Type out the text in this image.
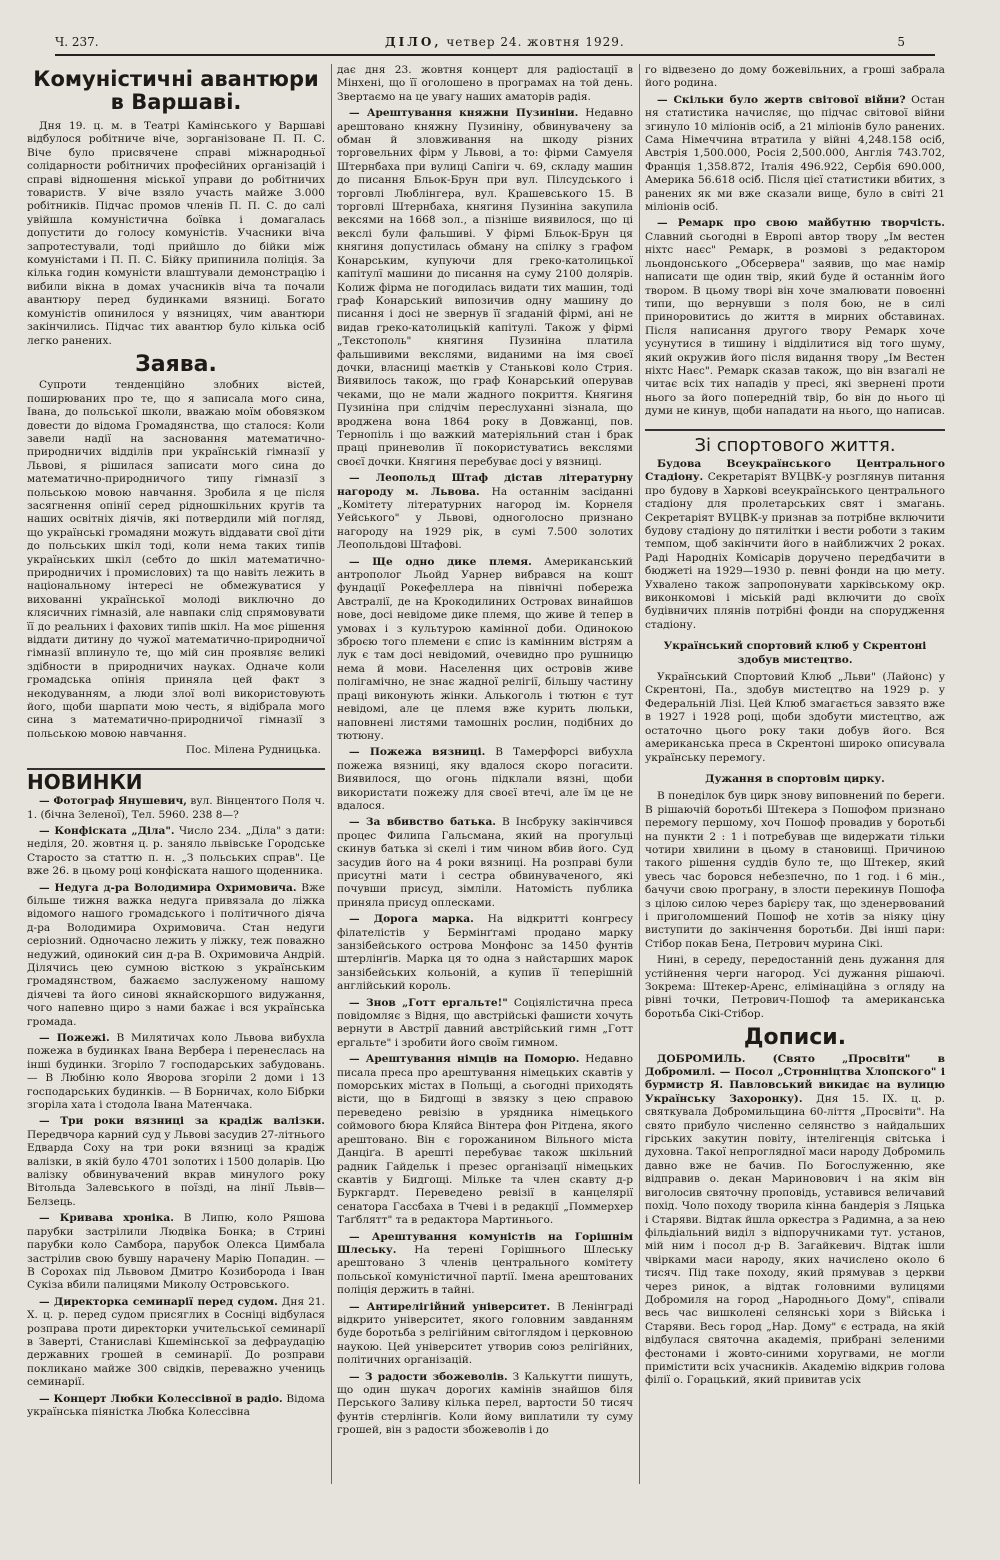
Ч. 237.	ДІЛО, четвер 24. жовтня 1929.	5
Комуністичні авантюри в Варшаві.

Дня 19. ц. м. в Театрі Камінського у Варшаві відбулося робітниче віче, зорганізоване П. П. С. Віче було присвячене справі міжнародньої солідарности робітничих професійних організацій і справі відношення міської управи до робітничих товариств. У віче взяло участь майже 3.000 робітників. Підчас промов членів П. П. С. до салі увійшла комуністична боївка і домагалась допустити до голосу комуністів. Учасники віча запротестували, тоді прийшло до бійки між комуністами і П. П. С. Бійку припинила поліція. За кілька годин комуністи влаштували демонстрацію і вибили вікна в домах учасників віча та почали авантюру перед будинками вязниці. Богато комуністів опинилося у вязницях, чим авантюри закінчились. Підчас тих авантюр було кілька осіб легко ранених.

Заява.

Супроти тенденційно злобних вістей, поширюваних про те, що я записала мого сина, Івана, до польської школи, вважаю моїм обовязком довести до відома Громадянства, що сталося: Коли завели надії на засновання математично-природничих відділів при українській гімназії у Львові, я рішилася записати мого сина до математично-природничого типу гімназії з польською мовою навчання. Зробила я це після засягнення опінії серед рідношкільних кругів та наших освітніх діячів, які потвердили мій погляд, що українські громадяни можуть віддавати свої діти до польських шкіл тоді, коли нема таких типів українських шкіл (себто до шкіл математично-природничих і промислових) та що навіть лежить в національному інтересі не обмежуватися у вихованні української молоді виключно до клясичних гімназій, але навпаки слід спрямовувати її до реальних і фахових типів шкіл. На моє рішення віддати дитину до чужої математично-природничої гімназії вплинуло те, що мій син проявляє великі здібности в природничих науках. Одначе коли громадська опінія приняла цей факт з некодуванням, а люди злої волі використовують його, щоби шарпати мою честь, я відібрала мого сина з математично-природничої гімназії з польською мовою навчання.

Пос. Мілена Рудницька.
НОВИНКИ

— Фотограф Янушевич, вул. Вінцентого Поля ч. 1. (бічна Зеленої), Тел. 5960. 238 8—?

— Конфіската „Діла". Число 234. „Діла" з дати: неділя, 20. жовтня ц. р. заняло львівське Городське Старосто за статтю п. н. „З польських справ". Це вже 26. в цьому році конфіската нашого щоденника.

— Недуга д-ра Володимира Охримовича. Вже більше тижня важка недуга привязала до ліжка відомого нашого громадського і політичного діяча д-ра Володимира Охримовича. Стан недуги серіозний. Одночасно лежить у ліжку, теж поважно недужий, одинокий син д-ра В. Охримовича Андрій. Ділячись цею сумною вісткою з українським громадянством, бажаємо заслуженому нашому діячеві та його синові якнайскоршого видужання, чого напевно щиро з нами бажає і вся українська громада.

— Пожежі. В Милятичах коло Львова вибухла пожежа в будинках Івана Вербера і перенеслась на інші будинки. Згоріло 7 господарських забудовань. — В Любіню коло Яворова згоріли 2 доми і 13 господарських будинків. — В Борничах, коло Бібрки згоріла хата і стодола Івана Матенчака.

— Три роки вязниці за крадіж валізки. Передвчора карний суд у Львові засудив 27-літнього Едварда Соху на три роки вязниці за крадіж валізки, в якій було 4701 золотих і 1500 доларів. Цю валізку обвинувачений вкрав минулого року Вітольда Залевського в поїзді, на лінії Львів—Белзець.

— Кривава хроніка. В Липю, коло Ряшова парубки застрілили Людвіка Бонка; в Стрині парубки коло Самбора, парубок Олекса Цимбала застрілив свою бувшу нарачену Марію Попадин. — В Сорохах під Львовом Дмитро Козиборода і Іван Сукіза вбили палицями Миколу Островського.

— Директорка семинарії перед судом. Дня 21. X. ц. р. перед судом присяглих в Сосніці відбулася розправа проти директорки учительської семинарії в Заверті, Станиславі Кшемінської за дефраудацію державних грошей в семинарії. До розправи покликано майже 300 свідків, переважно учениць семинарії.

— Концерт Любки Колессівної в радіо. Відома українська піяністка Любка Колессівна

дає дня 23. жовтня концерт для радіостації в Мінхені, що її оголошено в програмах на той день. Звертаємо на це увагу наших аматорів радія.

— Арештування княжни Пузиніни. Недавно арештовано княжну Пузиніну, обвинувачену за обман й зловживання на шкоду різних торговельних фірм у Львові, а то: фірми Самуеля Штернбаха при вулиці Сапіги ч. 69, складу машин до писання Бльок-Брун при вул. Пілсудського і торговлі Люблінгера, вул. Крашевського 15. В торговлі Штернбаха, княгиня Пузиніна закупила вексями на 1668 зол., а пізніше виявилося, що ці векслі були фальшиві. У фірмі Бльок-Брун ця княгиня допустилась обману на спілку з графом Конарським, купуючи для греко-католицької капітулї машини до писання на суму 2100 долярів. Колиж фірма не погодилась видати тих машин, тоді граф Конарський випозичив одну машину до писання і досі не звернув її згаданій фірмі, ані не видав греко-католицькій капітулі. Також у фірмі „Текстополь" княгиня Пузиніна платила фальшивими векслями, виданими на імя своєї дочки, власниці маєтків у Станькові коло Стрия. Виявилось також, що граф Конарський оперував чеками, що не мали жадного покриття. Княгиня Пузиніна при слідчім переслуханні зізнала, що вроджена вона 1864 року в Довжанці, пов. Тернопіль і що важкий матеріяльний стан і брак праці приневолив її покористуватись векслями своєї дочки. Княгиня перебуває досі у вязниці.

— Леопольд Штаф дістав літературну нагороду м. Львова. На останнім засіданні „Комітету літературних нагород ім. Корнеля Уейського" у Львові, одноголосно признано нагороду на 1929 рік, в сумі 7.500 золотих Леопольдові Штафові.

— Ще одно дике племя. Американський антрополог Льойд Уарнер вибрався на кошт фундації Рокефеллера на північні побережа Австралії, де на Крокодилиних Островах винайшов нове, досі невідоме дике племя, що живе й тепер в умовах і з культурою камінної доби. Одинокою зброєю того племени є спис із камінним вістрям а лук є там досі невідомий, очевидно про рушницю нема й мови. Населення цих островів живе полігамічно, не знає жадної релігії, більшу частину праці виконують жінки. Алькоголь і тютюн є тут невідомі, але це племя вже курить люльки, наповнені листями тамошніх рослин, подібних до тютюну.

— Пожежа вязниці. В Тамерфорсі вибухла пожежа вязниці, яку вдалося скоро погасити. Виявилося, що огонь підклали вязні, щоби використати пожежу для своєї втечі, але їм це не вдалося.

— За вбивство батька. В Інсбруку закінчився процес Филипа Гальсмана, який на прогульці скинув батька зі скелі і тим чином вбив його. Суд засудив його на 4 роки вязниці. На розправі були присутні мати і сестра обвинуваченого, які почувши присуд, зімліли. Натомість публика приняла присуд оплесками.

— Дорога марка. На відкритті конгресу філателістів у Бермінґгамі продано марку занзібейського острова Монфонс за 1450 фунтів штерлінґів. Марка ця то одна з найстарших марок занзібейських кольоній, а купив її теперішній англійський король.

— Знов „Готт ергальте!" Соціялістична преса повідомляє з Відня, що австрійські фашисти хочуть вернути в Австрії давний австрійський гимн „Готт ергальте" і зробити його своїм гимном.

— Арештування німців на Поморю. Недавно писала преса про арештування німецьких скавтів у поморських містах в Польщі, а сьогодні приходять вісти, що в Бидгощі в звязку з цею справою переведено ревізію в урядника німецького соймового бюра Кляйса Вінтера фон Рітдена, якого арештовано. Він є горожанином Вільного міста Данціґа. В арешті перебуває також шкільний радник Гайдельк і презес організації німецьких скавтів у Бидгощі. Мільке та член скавту д-р Буркгардт. Переведено ревізії в канцелярії сенатора Гассбаха в Тчеві і в редакції „Поммерхер Таґблятт" та в редактора Мартинього.

— Арештування комуністів на Горішнім Шлеську. На терені Горішнього Шлеську арештовано 3 членів центрального комітету польської комуністичної партії. Імена арештованих поліція держить в тайні.

— Антирелігійний університет. В Ленінграді відкрито університет, якого головним завданням буде боротьба з релігійним світоглядом і церковною наукою. Цей університет утворив союз релігійних, політичних організацій.

— З радости збожеволів. З Калькутти пишуть, що один шукач дорогих камінів знайшов біля Перського Заливу кілька перел, вартости 50 тисяч фунтів стерлінгів. Коли йому виплатили ту суму грошей, він з радости збожеволів і до

го відвезено до дому божевільних, а гроші забрала його родина.

— Скільки було жертв світової війни? Остан ня статистика начисляє, що підчас світової війни згинуло 10 міліонів осіб, а 21 міліонів було ранених. Сама Німеччина втратила у війні 4,248.158 осіб, Австрія 1,500.000, Росія 2,500.000, Англія 743.702, Франція 1,358.872, Італія 496.922, Сербія 690.000, Америка 56.618 осіб. Після цієї статистики вбитих, з ранених як ми вже сказали вище, було в світі 21 міліонів осіб.

— Ремарк про свою майбутню творчість. Славний сьогодні в Европі автор твору „Ім вестен ніхтс наєс" Ремарк, в розмові з редактором льондонського „Обсервера" заявив, що має намір написати ще один твір, який буде й останнім його твором. В цьому творі він хоче змалювати повоєнні типи, що вернувши з поля бою, не в силі приноровитись до життя в мирних обставинах. Після написання другого твору Ремарк хоче усунутися в тишину і відділитися від того шуму, який окружив його після видання твору „Ім Вестен ніхтс Наєс". Ремарк сказав також, що він взагалі не читає всіх тих нападів у пресі, які звернені проти нього за його попередній твір, бо він до нього ці думи не кинув, щоби нападати на нього, що написав.

Зі спортового життя.

Будова Всеукраїнського Центрального Стадіону. Секретаріят ВУЦВК-у розглянув питання про будову в Харкові всеукраїнського центрального стадіону для пролетарських свят і змагань. Секретаріят ВУЦВК-у признав за потрібне включити будову стадіону до пятилітки і вести роботи з таким темпом, щоб закінчити його в найближчих 2 роках. Раді Народніх Комісарів доручено передбачити в бюджеті на 1929—1930 р. певні фонди на цю мету. Ухвалено також запропонувати харківському окр. виконкомові і міській раді включити до своїх будівничих плянів потрібні фонди на спорудження стадіону.

Український спортовий клюб у Скрентоні здобув мистецтво.

Український Спортовий Клюб „Льви" (Лайонс) у Скрентоні, Па., здобув мистецтво на 1929 р. у Федеральній Лізі. Цей Клюб змагається завзято вже в 1927 і 1928 році, щоби здобути мистецтво, аж остаточно цього року таки добув його. Вся американська преса в Скрентоні широко описувала українську перемогу.

Дужання в спортовім цирку.

В понеділок був цирк знову виповнений по береги. В рішаючій боротьбі Штекера з Пошофом признано перемогу першому, хоч Пошоф провадив у боротьбі на пункти 2 : 1 і потребував ще видержати тільки чотири хвилини в цьому в становищі. Причиною такого рішення суддів було те, що Штекер, який увесь час боровся небезпечно, по 1 год. і 6 мін., бачучи свою програну, в злости перекинув Пошофа з цілою силою через барієру так, що зденервований і приголомшений Пошоф не хотів за ніяку ціну виступити до закінчення боротьби. Дві інші пари: Стібор покав Бена, Петрович мурина Сікі.

Нині, в середу, передостанній день дужання для устійнення черги нагород. Усі дужання рішаючі. Зокрема: Штекер-Аренс, елімінаційна з огляду на рівні точки, Петрович-Пошоф та американська боротьба Сікі-Стібор.

Дописи.

ДОБРОМИЛЬ. (Свято „Просвіти" в Добромилі. — Посол „Стронніцтва Хлопского" і бурмистр Я. Павловський викидає на вулицю Українську Захоронку). Дня 15. IX. ц. р. святкувала Добромильщина 60-ліття „Просвіти". На свято прибуло численно селянство з найдальших гірських закутин повіту, інтелігенція світська і духовна. Такої непроглядної маси народу Добромиль давно вже не бачив. По Богослуженню, яке відправив о. декан Мариновович і на якім він виголосив святочну проповідь, уставився величавий похід. Чоло походу творила кінна бандерія з Ляцька і Старяви. Відтак йшла оркестра з Радимна, а за нею фільдіальний виділ з відпоручниками тут. установ, мій ним і посол д-р В. Загайкевич. Відтак ішли чвірками маси народу, яких начислено около 6 тисяч. Під таке походу, який прямував з церкви через ринок, а відтак головними вулицями Добромиля на город „Народнього Дому", співали весь час вишколені селянські хори з Війська і Старяви. Весь город „Нар. Дому" є естрада, на якій відбулася святочна академія, прибрані зеленими фестонами і жовто-синими хоругвами, не могли примістити всіх учасників. Академію відкрив голова філії о. Горацький, який привитав усіх
